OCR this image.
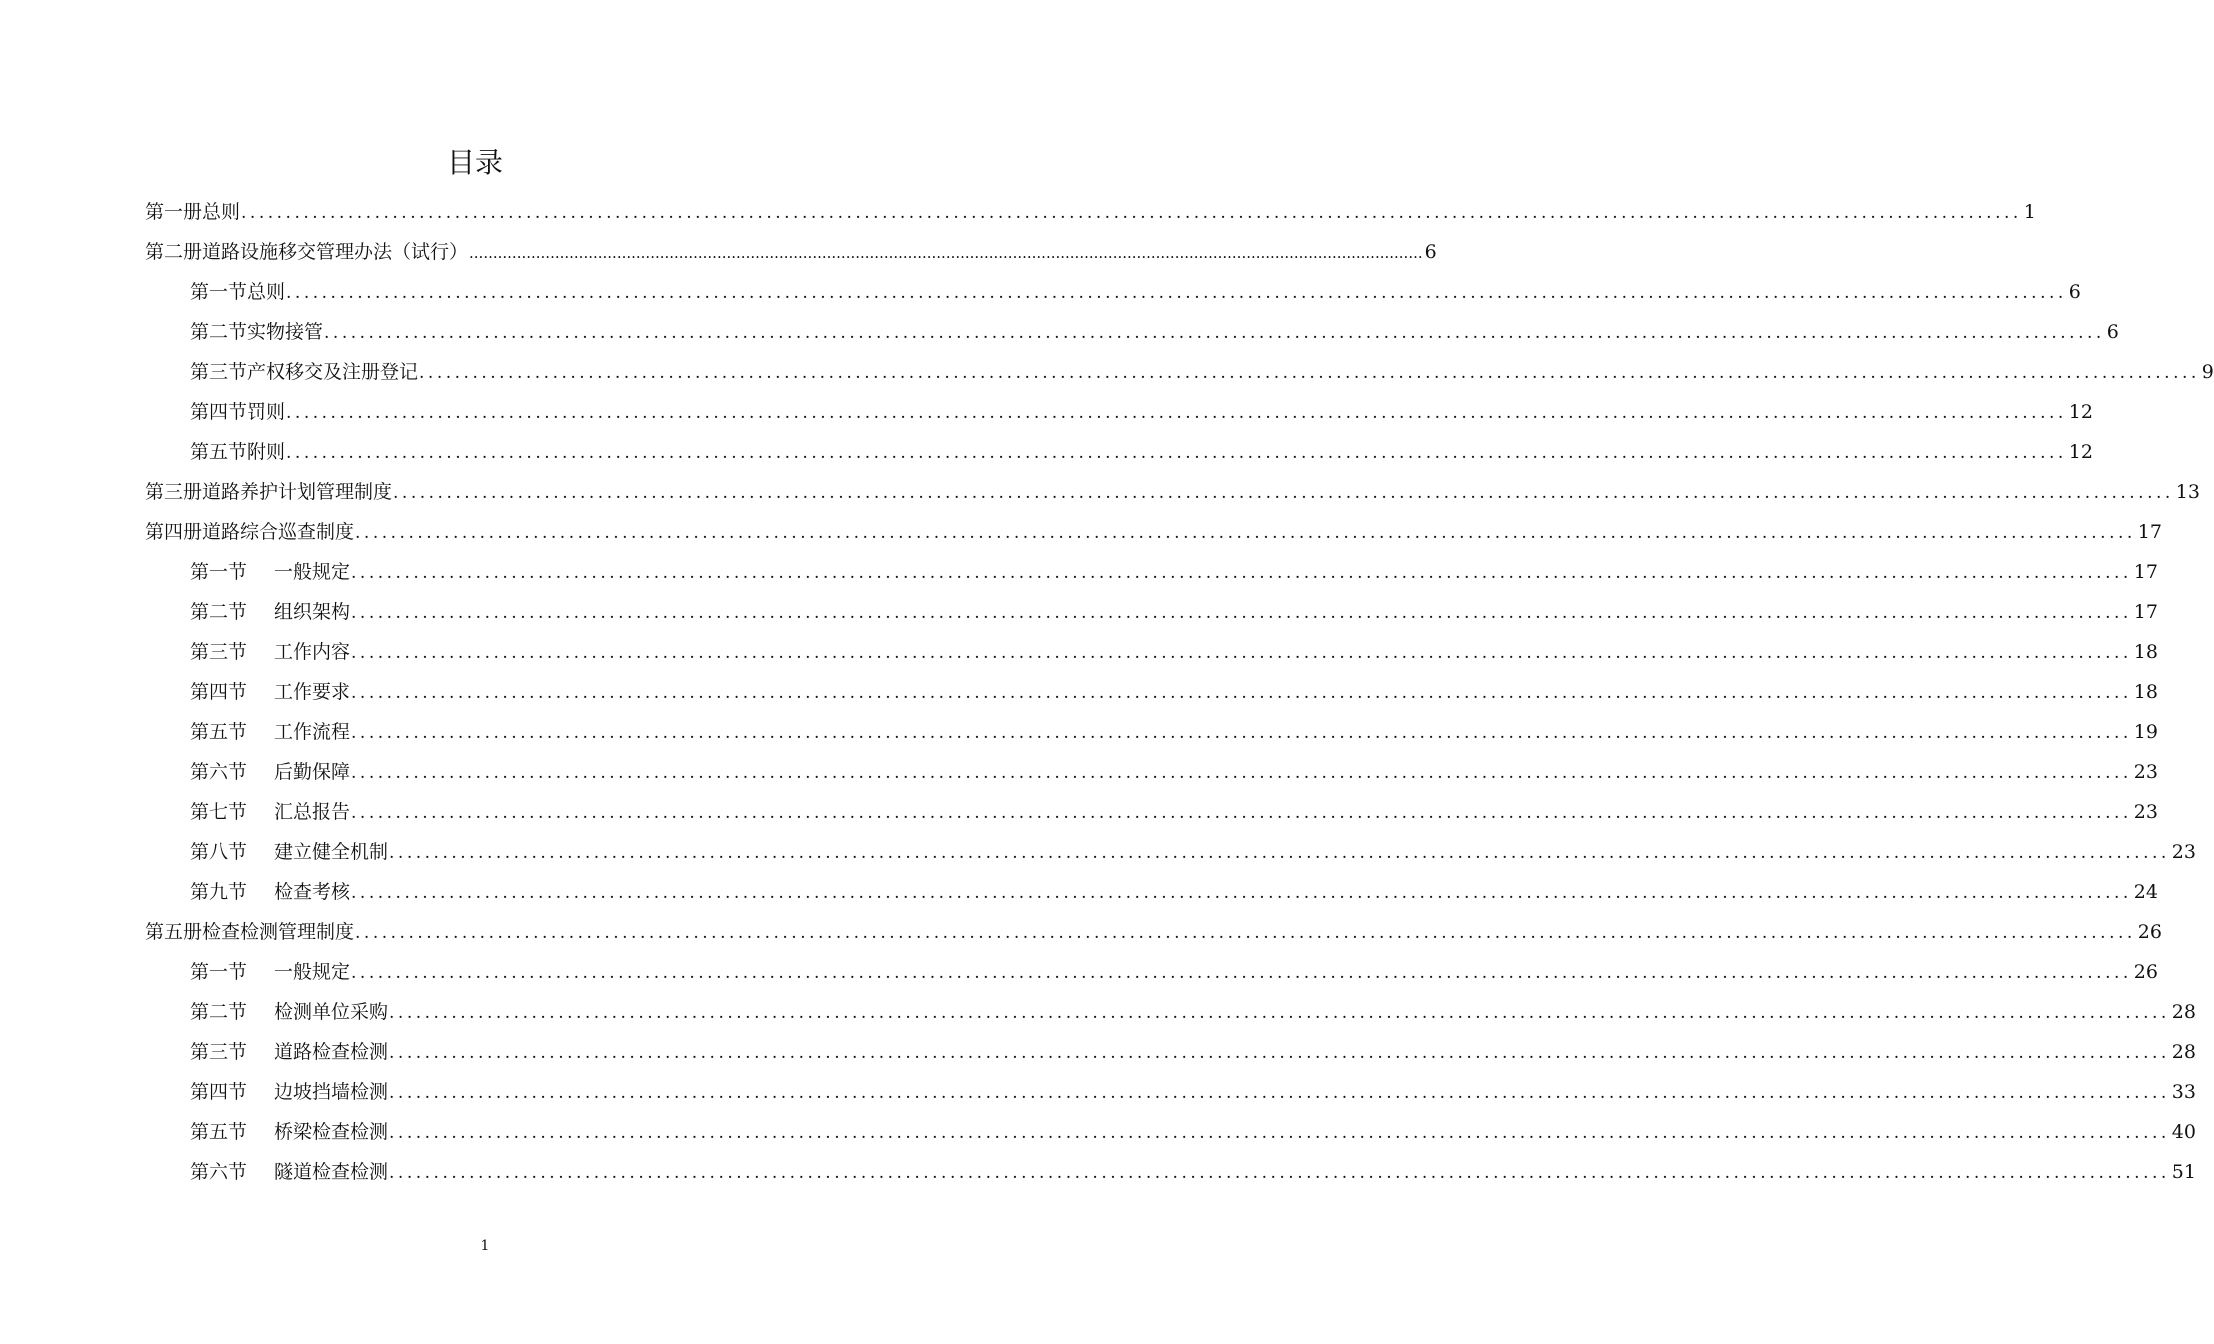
目录
第一册总则 ........................................................................................................................................................................................................ 1
第二册道路设施移交管理办法（试行） ........................................................................................................................................................................................................ 6
第一节总则 ........................................................................................................................................................................................................ 6
第二节实物接管 ........................................................................................................................................................................................................ 6
第三节产权移交及注册登记 ........................................................................................................................................................................................................ 9
第四节罚则 ........................................................................................................................................................................................................ 12
第五节附则 ........................................................................................................................................................................................................ 12
第三册道路养护计划管理制度 ........................................................................................................................................................................................................ 13
第四册道路综合巡查制度 ........................................................................................................................................................................................................ 17
第一节 一般规定 ........................................................................................................................................................................................................ 17
第二节 组织架构 ........................................................................................................................................................................................................ 17
第三节 工作内容 ........................................................................................................................................................................................................ 18
第四节 工作要求 ........................................................................................................................................................................................................ 18
第五节 工作流程 ........................................................................................................................................................................................................ 19
第六节 后勤保障 ........................................................................................................................................................................................................ 23
第七节 汇总报告 ........................................................................................................................................................................................................ 23
第八节 建立健全机制 ........................................................................................................................................................................................................ 23
第九节 检查考核 ........................................................................................................................................................................................................ 24
第五册检查检测管理制度 ........................................................................................................................................................................................................ 26
第一节 一般规定 ........................................................................................................................................................................................................ 26
第二节 检测单位采购 ........................................................................................................................................................................................................ 28
第三节 道路检查检测 ........................................................................................................................................................................................................ 28
第四节 边坡挡墙检测 ........................................................................................................................................................................................................ 33
第五节 桥梁检查检测 ........................................................................................................................................................................................................ 40
第六节 隧道检查检测 ........................................................................................................................................................................................................ 51
1
